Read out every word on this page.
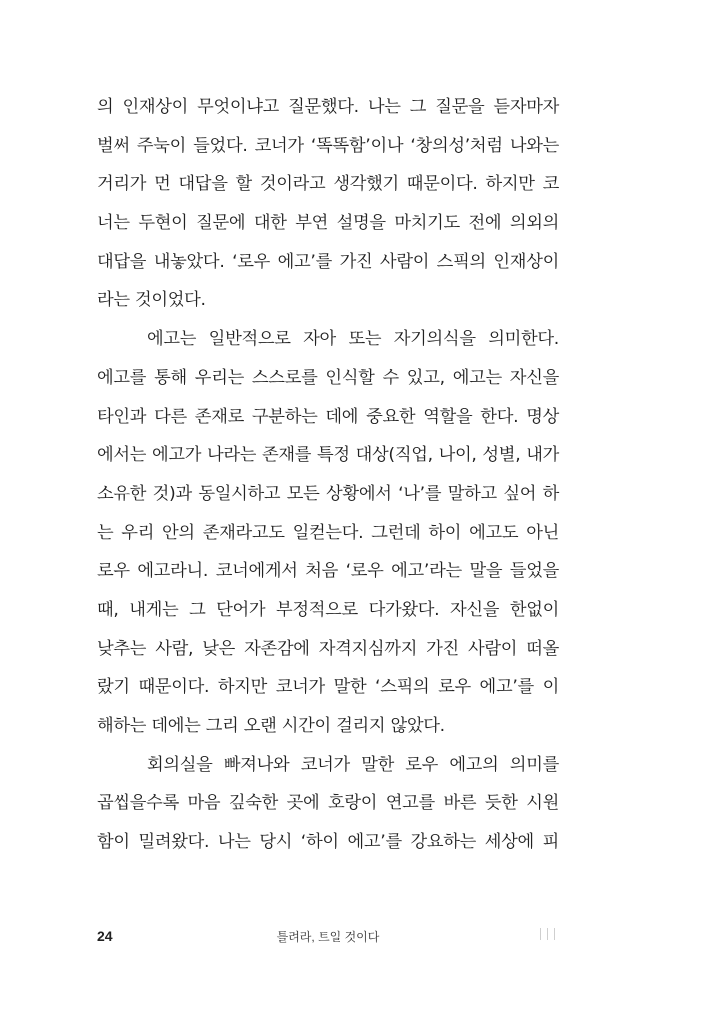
의 인재상이 무엇이냐고 질문했다. 나는 그 질문을 듣자마자
벌써 주눅이 들었다. 코너가 ‘똑똑함’이나 ‘창의성’처럼 나와는
거리가 먼 대답을 할 것이라고 생각했기 때문이다. 하지만 코
너는 두현이 질문에 대한 부연 설명을 마치기도 전에 의외의
대답을 내놓았다. ‘로우 에고’를 가진 사람이 스픽의 인재상이
라는 것이었다.
에고는 일반적으로 자아 또는 자기의식을 의미한다.
에고를 통해 우리는 스스로를 인식할 수 있고, 에고는 자신을
타인과 다른 존재로 구분하는 데에 중요한 역할을 한다. 명상
에서는 에고가 나라는 존재를 특정 대상(직업, 나이, 성별, 내가
소유한 것)과 동일시하고 모든 상황에서 ‘나’를 말하고 싶어 하
는 우리 안의 존재라고도 일컫는다. 그런데 하이 에고도 아닌
로우 에고라니. 코너에게서 처음 ‘로우 에고’라는 말을 들었을
때, 내게는 그 단어가 부정적으로 다가왔다. 자신을 한없이
낮추는 사람, 낮은 자존감에 자격지심까지 가진 사람이 떠올
랐기 때문이다. 하지만 코너가 말한 ‘스픽의 로우 에고’를 이
해하는 데에는 그리 오랜 시간이 걸리지 않았다.
회의실을 빠져나와 코너가 말한 로우 에고의 의미를
곱씹을수록 마음 깊숙한 곳에 호랑이 연고를 바른 듯한 시원
함이 밀려왔다. 나는 당시 ‘하이 에고’를 강요하는 세상에 피
24	틀려라, 트일 것이다
